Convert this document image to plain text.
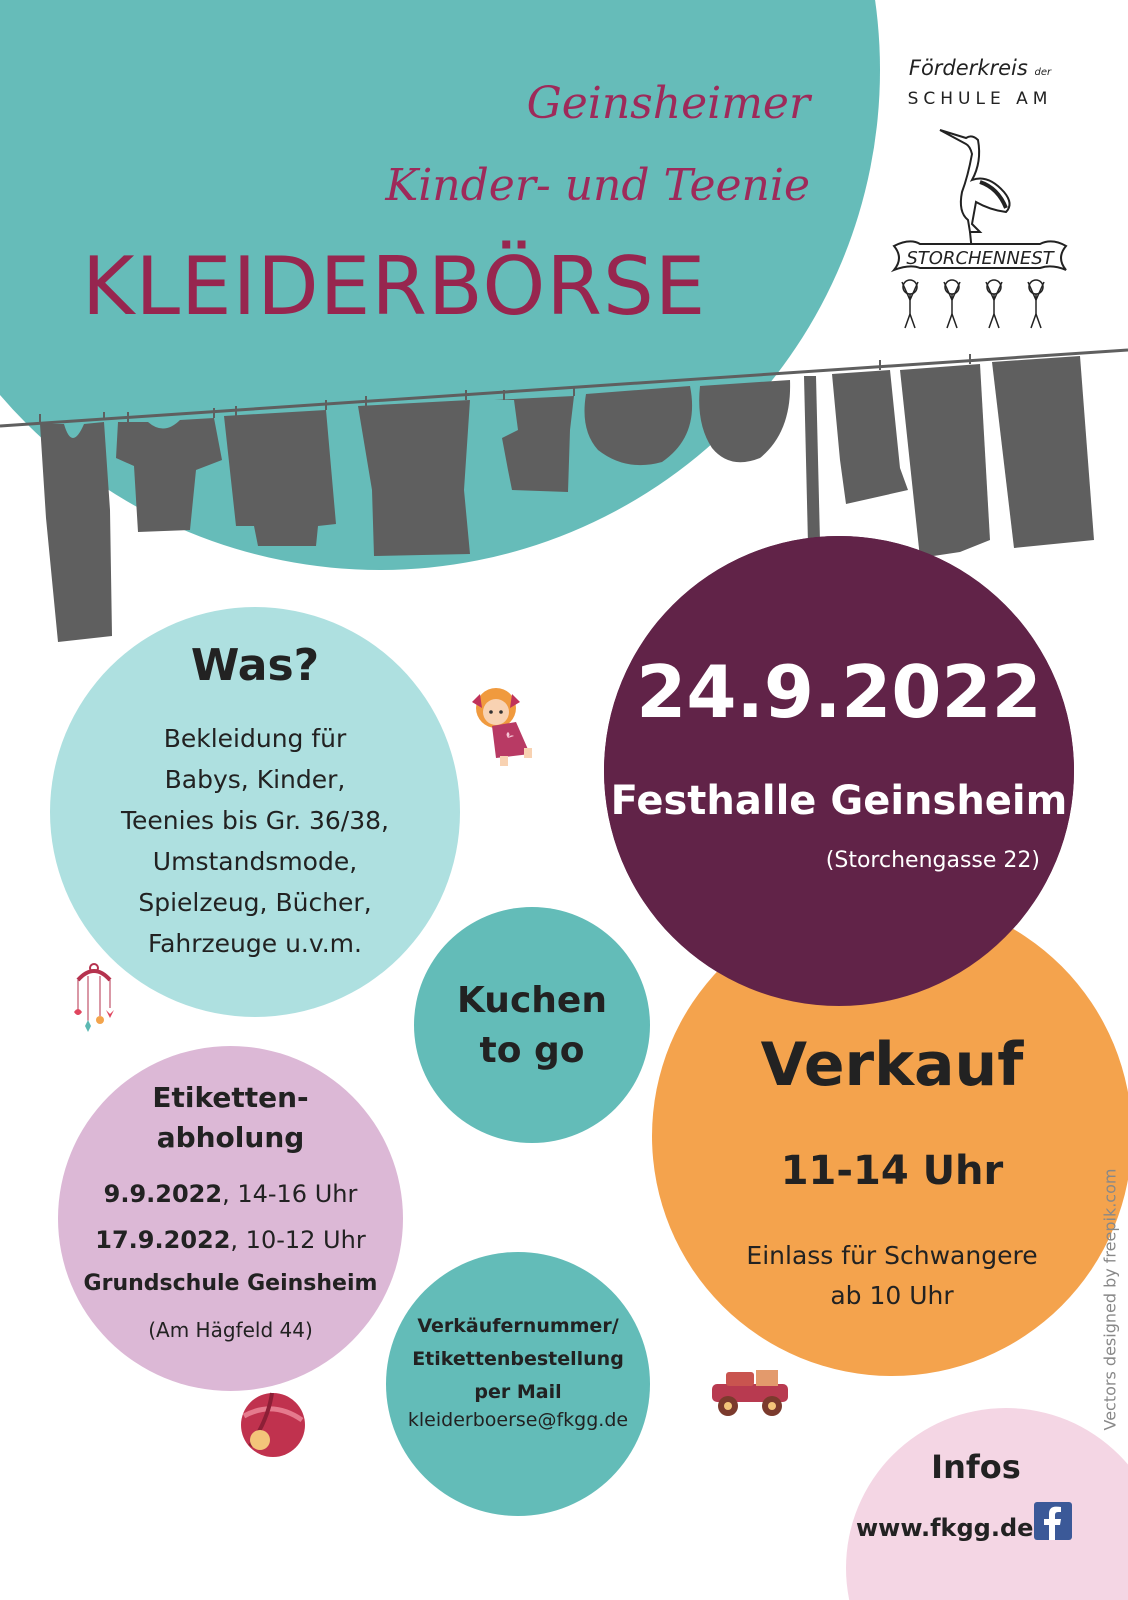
Geinsheimer
Kinder- und Teenie
KLEIDERBÖRSE
Förderkreis der
SCHULE AM
STORCHENNEST
Was?
Bekleidung für
Babys, Kinder,
Teenies bis Gr. 36/38,
Umstandsmode,
Spielzeug, Bücher,
Fahrzeuge u.v.m.
24.9.2022
Festhalle Geinsheim
(Storchengasse 22)
Kuchen
to go	Verkauf
11-14 Uhr
Einlass für Schwangere
ab 10 Uhr
Etiketten-
abholung
9.9.2022, 14-16 Uhr
17.9.2022, 10-12 Uhr
Grundschule Geinsheim
(Am Hägfeld 44)	Verkäufernummer/
Etikettenbestellung
per Mail
kleiderboerse@fkgg.de
Infos
www.fkgg.de
Vectors designed by freepik.com
